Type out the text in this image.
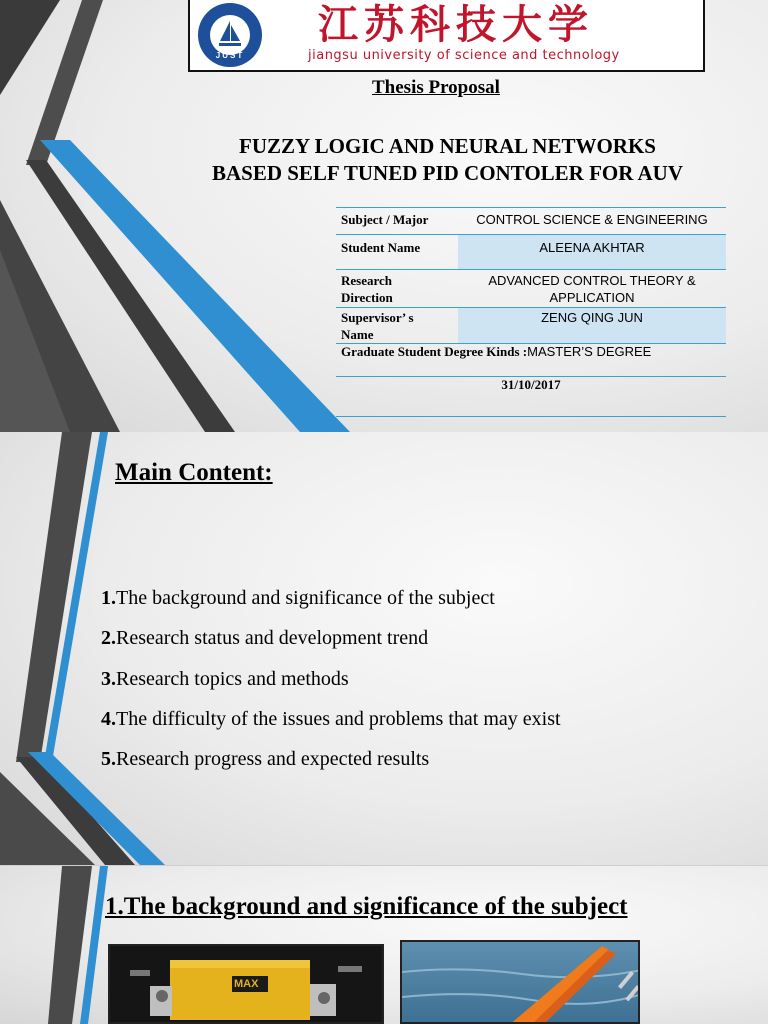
JUST
江苏科技大学
jiangsu university of science and technology
Thesis Proposal
FUZZY LOGIC AND NEURAL NETWORKS
BASED SELF TUNED PID CONTOLER FOR AUV
Subject / Major	CONTROL SCIENCE & ENGINEERING
Student Name	ALEENA AKHTAR
Research
Direction
ADVANCED CONTROL THEORY &
APPLICATION
Supervisor’ s
Name
ZENG QING JUN
Graduate Student Degree Kinds :MASTER’S DEGREE
31/10/2017
Main Content:
1.The background and significance of the subject
2.Research status and development trend
3.Research topics and methods
4.The difficulty of the issues and problems that may exist
5.Research progress and expected results
1.The background and significance of the subject
MAX
